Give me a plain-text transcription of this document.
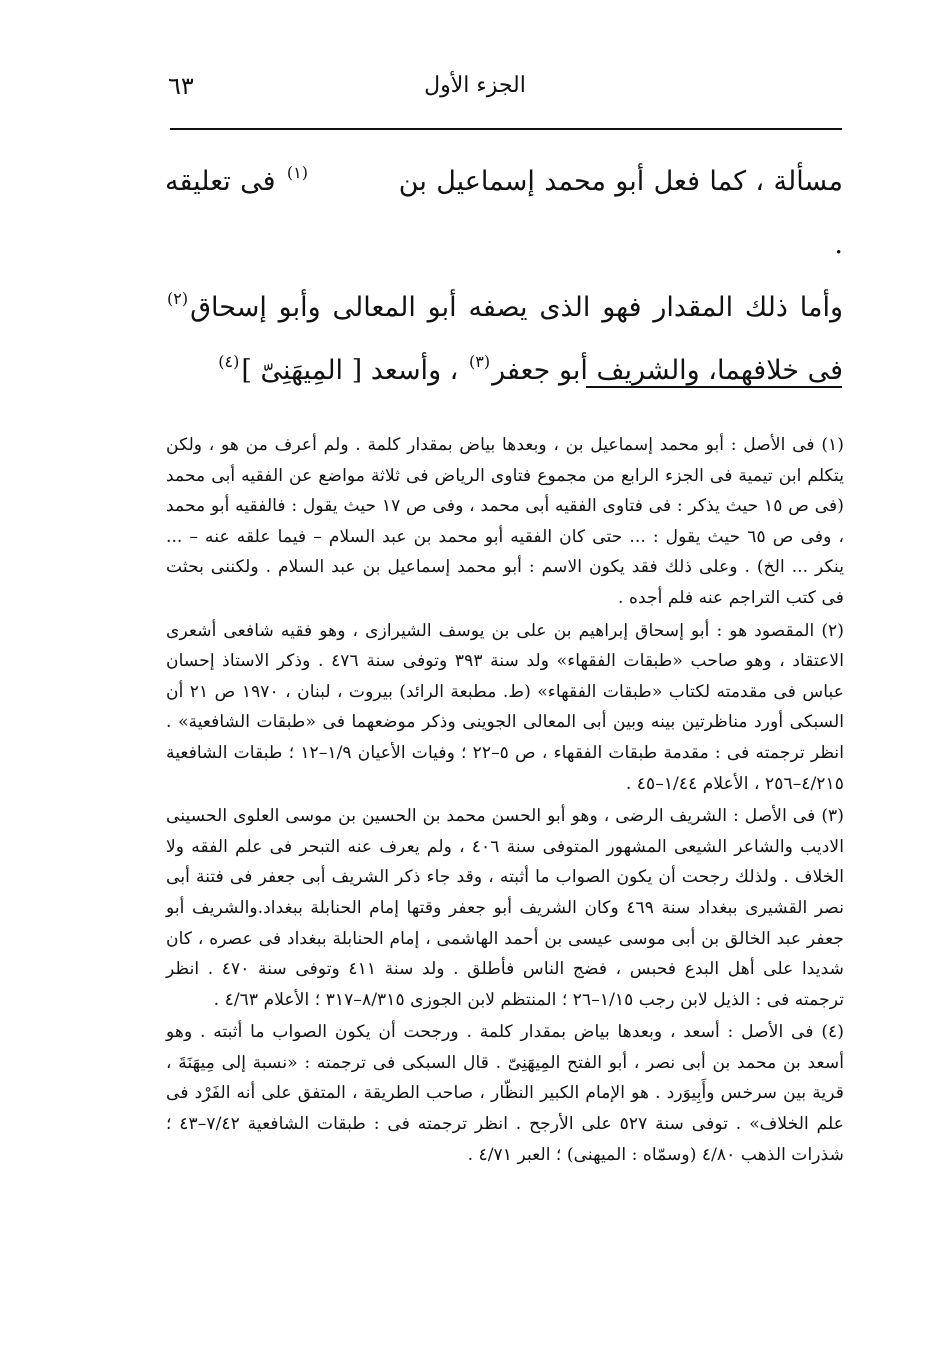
الجزء الأول
٦٣

مسألة ، كما فعل أبو محمد إسماعيل بن  $^{(١)}$ فى تعليقه .

وأما ذلك المقدار فهو الذى يصفه أبو المعالى وأبو إسحاق$^{(٢)}$ فى خلافهما، والشريف أبو جعفر$^{(٣)}$ ، وأسعد [ المِيهَنِىّ ]$^{(٤)}$

(١) فى الأصل : أبو محمد إسماعيل بن ، وبعدها بياض بمقدار كلمة . ولم أعرف من هو ، ولكن يتكلم ابن تيمية فى الجزء الرابع من مجموع فتاوى الرياض فى ثلاثة مواضع عن الفقيه أبى محمد (فى ص ١٥ حيث يذكر : فى فتاوى الفقيه أبى محمد ، وفى ص ١٧ حيث يقول : فالفقيه أبو محمد ، وفى ص ٦٥ حيث يقول : ... حتى كان الفقيه أبو محمد بن عبد السلام – فيما علقه عنه – ... ينكر ... الخ) . وعلى ذلك فقد يكون الاسم : أبو محمد إسماعيل بن عبد السلام . ولكننى بحثت فى كتب التراجم عنه فلم أجده .

(٢) المقصود هو : أبو إسحاق إبراهيم بن على بن يوسف الشيرازى ، وهو فقيه شافعى أشعرى الاعتقاد ، وهو صاحب «طبقات الفقهاء» ولد سنة ٣٩٣ وتوفى سنة ٤٧٦ . وذكر الاستاذ إحسان عباس فى مقدمته لكتاب «طبقات الفقهاء» (ط. مطبعة الرائد) بيروت ، لبنان ، ١٩٧٠ ص ٢١ أن السبكى أورد مناظرتين بينه وبين أبى المعالى الجوينى وذكر موضعهما فى «طبقات الشافعية» . انظر ترجمته فى : مقدمة طبقات الفقهاء ، ص ٥–٢٢ ؛ وفيات الأعيان ١/٩–١٢ ؛ طبقات الشافعية ٤/٢١٥–٢٥٦ ، الأعلام ١/٤٤–٤٥ .

(٣) فى الأصل : الشريف الرضى ، وهو أبو الحسن محمد بن الحسين بن موسى العلوى الحسينى الاديب والشاعر الشيعى المشهور المتوفى سنة ٤٠٦ ، ولم يعرف عنه التبحر فى علم الفقه ولا الخلاف . ولذلك رجحت أن يكون الصواب ما أثبته ، وقد جاء ذكر الشريف أبى جعفر فى فتنة أبى نصر القشيرى ببغداد سنة ٤٦٩ وكان الشريف أبو جعفر وقتها إمام الحنابلة ببغداد.والشريف أبو جعفر عبد الخالق بن أبى موسى عيسى بن أحمد الهاشمى ، إمام الحنابلة ببغداد فى عصره ، كان شديدا على أهل البدع فحبس ، فضج الناس فأطلق . ولد سنة ٤١١ وتوفى سنة ٤٧٠ . انظر ترجمته فى : الذيل لابن رجب ١/١٥–٢٦ ؛ المنتظم لابن الجوزى ٨/٣١٥–٣١٧ ؛ الأعلام ٤/٦٣ .

(٤) فى الأصل : أسعد ، وبعدها بياض بمقدار كلمة . ورجحت أن يكون الصواب ما أثبته . وهو أسعد بن محمد بن أبى نصر ، أبو الفتح المِيهَنِىّ . قال السبكى فى ترجمته : «نسبة إلى مِيهَنَةَ ، قرية بين سرخس وأَبِيوَرد . هو الإمام الكبير النظّار ، صاحب الطريقة ، المتفق على أنه الفَرْد فى علم الخلاف» . توفى سنة ٥٢٧ على الأرجح . انظر ترجمته فى : طبقات الشافعية ٧/٤٢–٤٣ ؛ شذرات الذهب ٤/٨٠ (وسمّاه : الميهنى) ؛ العبر ٤/٧١ .
